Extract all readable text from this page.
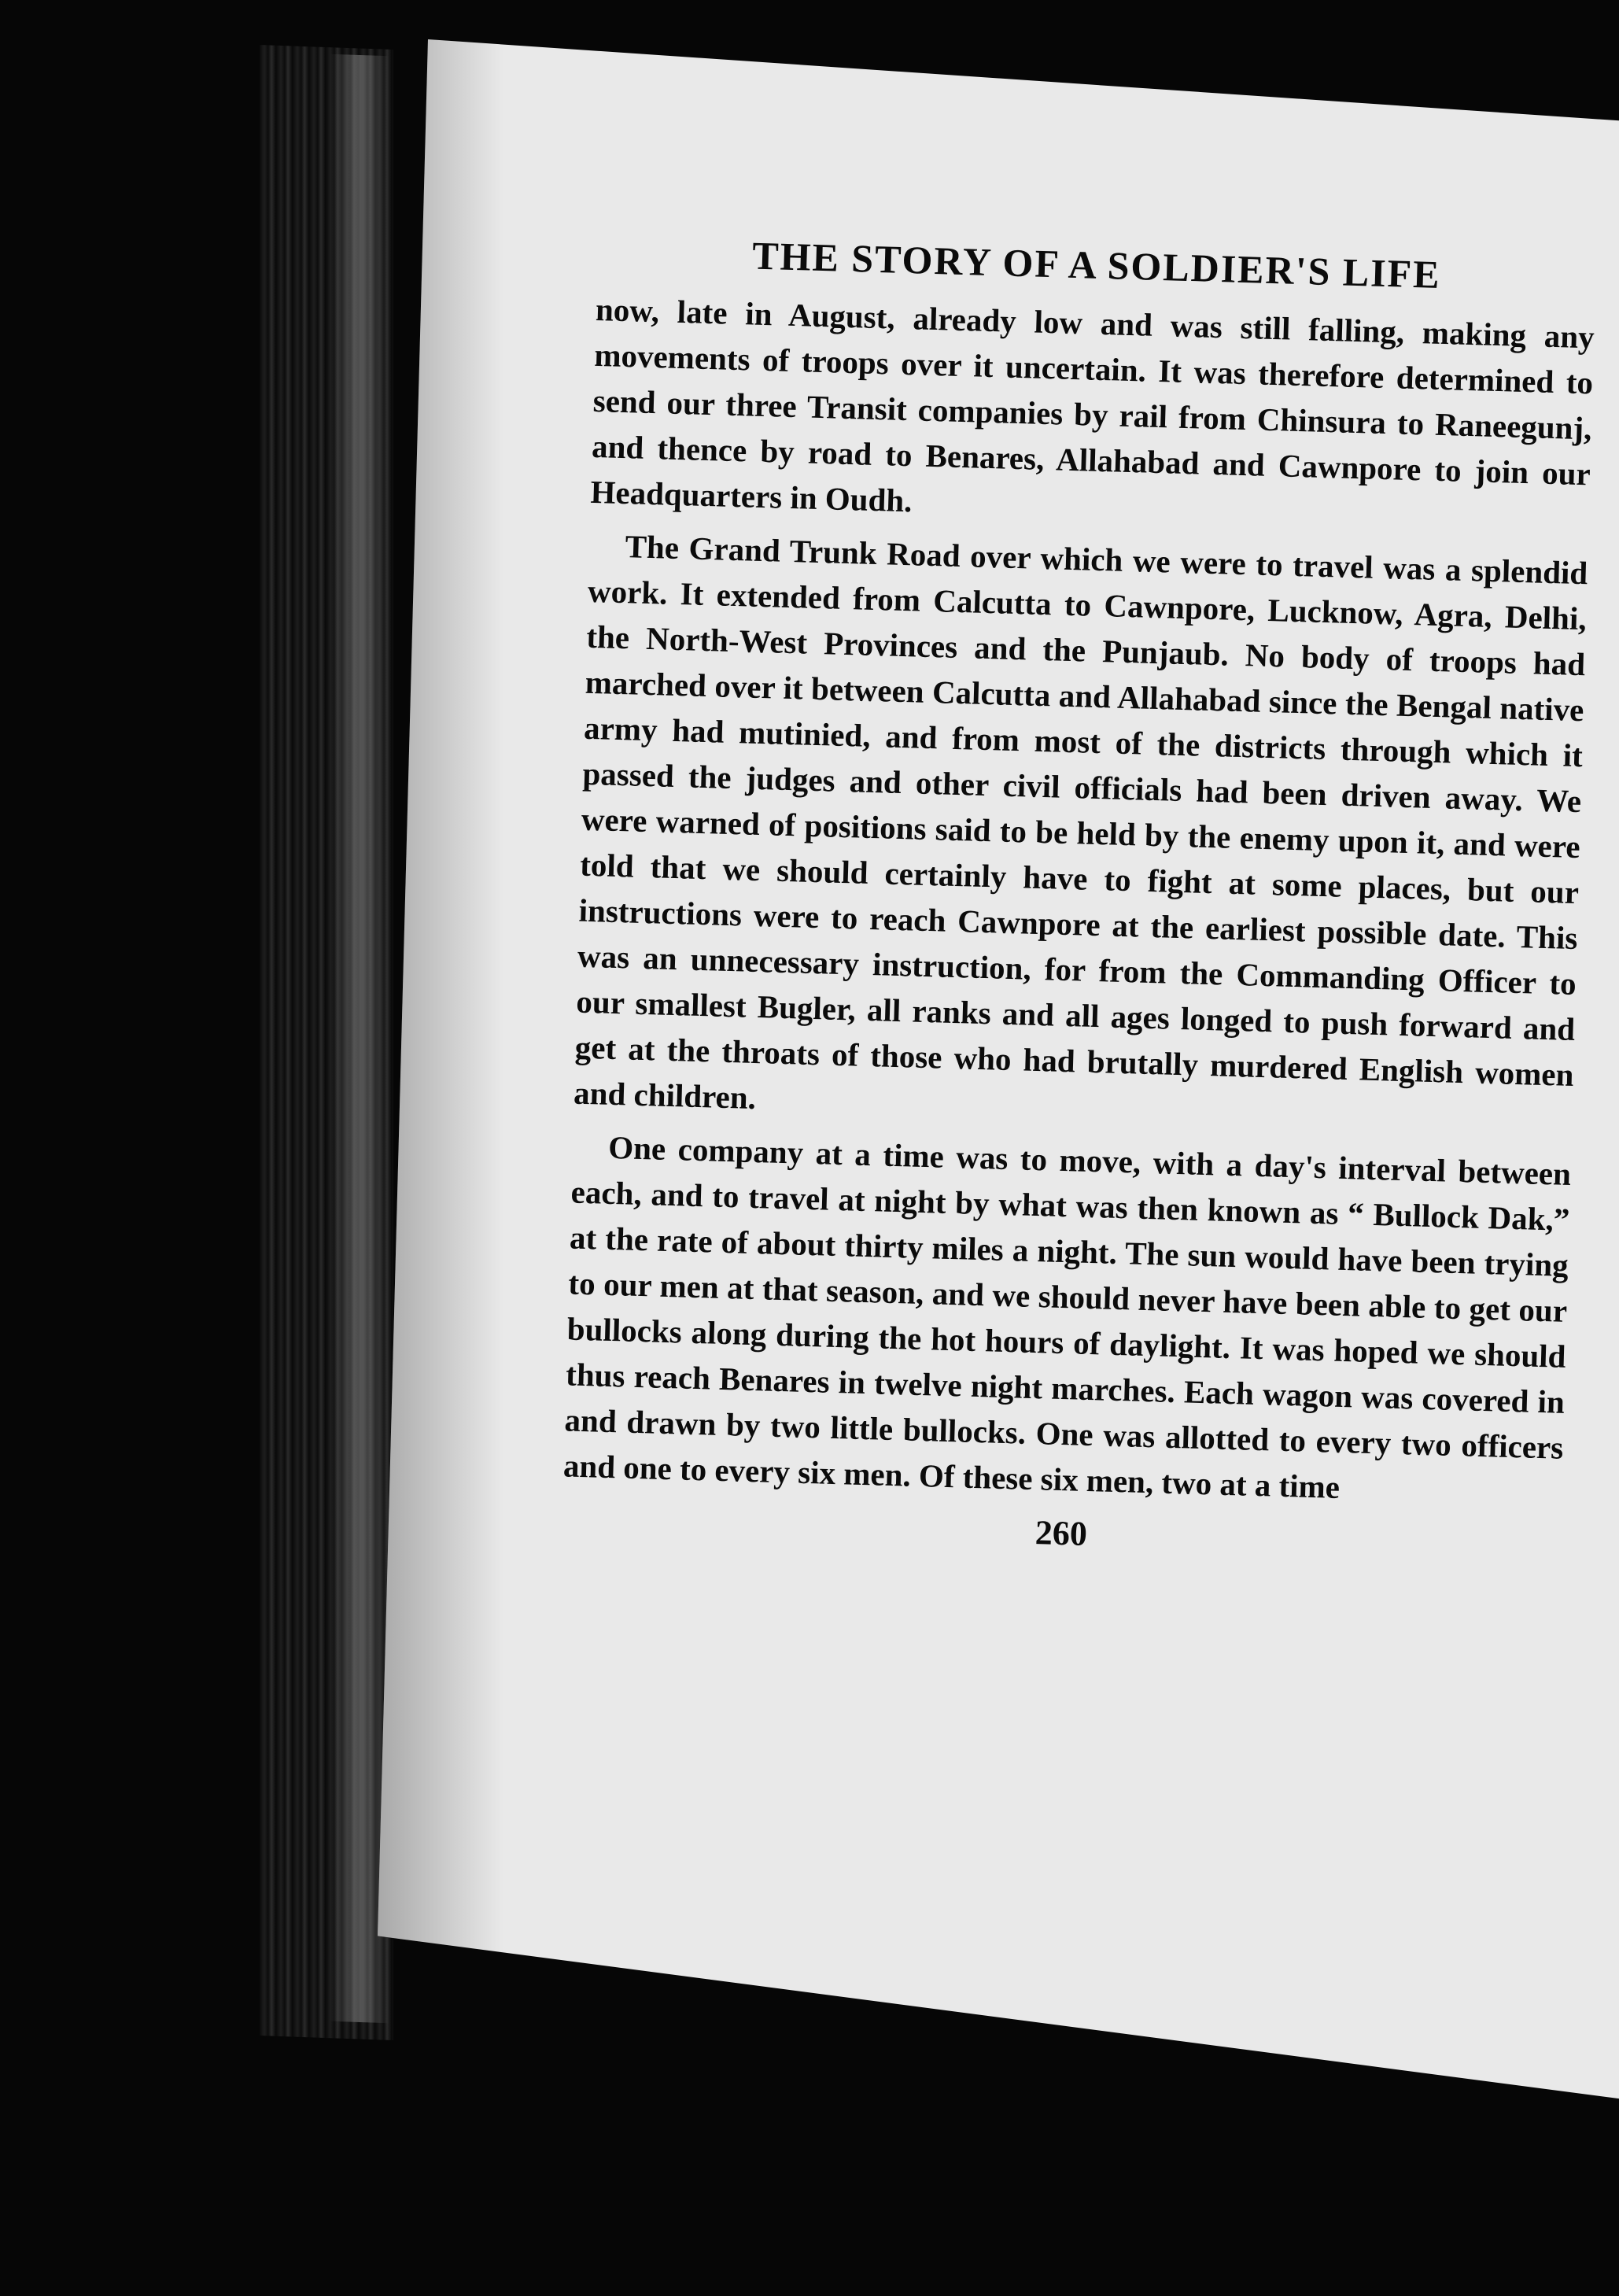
THE STORY OF A SOLDIER'S LIFE

now, late in August, already low and was still falling, making any movements of troops over it uncertain. It was therefore determined to send our three Transit companies by rail from Chinsura to Raneegunj, and thence by road to Benares, Allahabad and Cawnpore to join our Headquarters in Oudh.

The Grand Trunk Road over which we were to travel was a splendid work. It extended from Calcutta to Cawnpore, Lucknow, Agra, Delhi, the North-West Provinces and the Punjaub. No body of troops had marched over it between Calcutta and Allahabad since the Bengal native army had mutinied, and from most of the districts through which it passed the judges and other civil officials had been driven away. We were warned of positions said to be held by the enemy upon it, and were told that we should certainly have to fight at some places, but our instructions were to reach Cawnpore at the earliest possible date. This was an unnecessary instruction, for from the Commanding Officer to our smallest Bugler, all ranks and all ages longed to push forward and get at the throats of those who had brutally murdered English women and children.

One company at a time was to move, with a day's interval between each, and to travel at night by what was then known as “ Bullock Dak,” at the rate of about thirty miles a night. The sun would have been trying to our men at that season, and we should never have been able to get our bullocks along during the hot hours of daylight. It was hoped we should thus reach Benares in twelve night marches. Each wagon was covered in and drawn by two little bullocks. One was allotted to every two officers and one to every six men. Of these six men, two at a time

260
